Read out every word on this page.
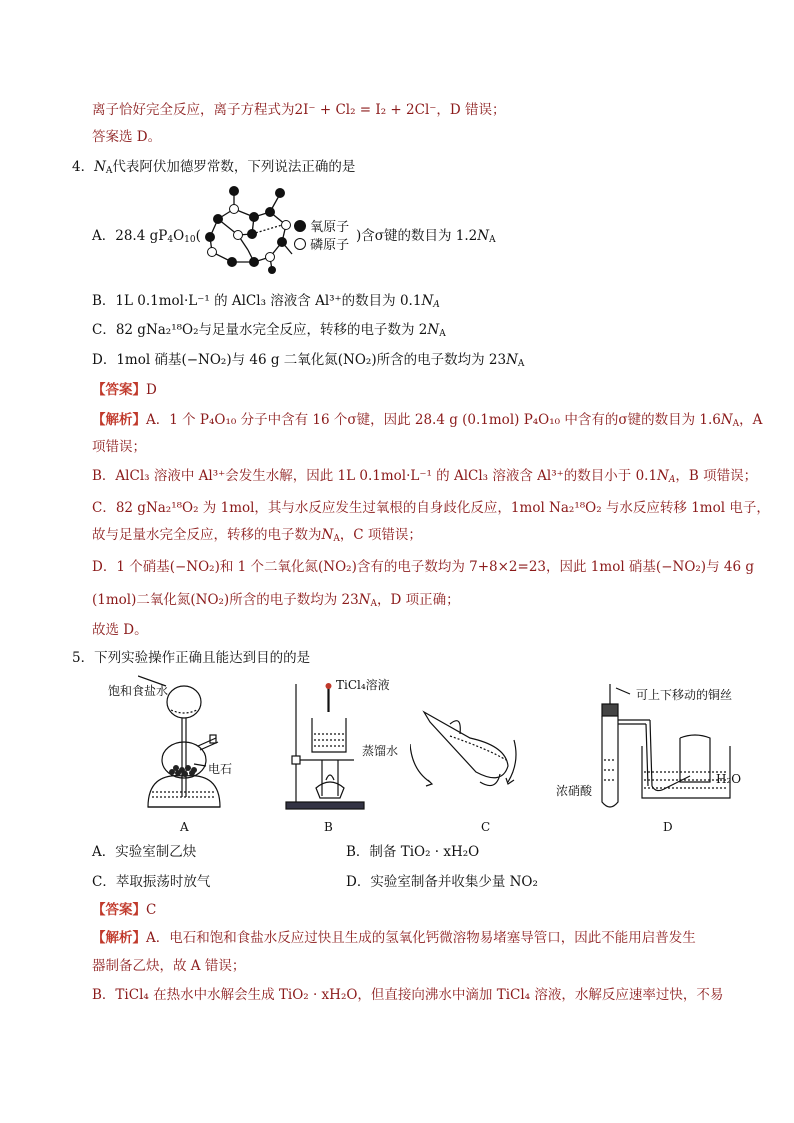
离子恰好完全反应，离子方程式为2I⁻ + Cl₂ = I₂ + 2Cl⁻，D 错误；
答案选 D。
4．$N_A$代表阿伏加德罗常数，下列说法正确的是
A．28.4 $gP_4O_{10}$(
氧原子
磷原子
)含σ键的数目为 $1.2N_A$
B．1L 0.1mol·L⁻¹ 的 AlCl₃ 溶液含 Al³⁺的数目为 $0.1N_A$
C．82 gNa₂¹⁸O₂与足量水完全反应，转移的电子数为 $2N_A$
D．1mol 硝基(−NO₂)与 46 g 二氧化氮(NO₂)所含的电子数均为 $23N_A$
【答案】D
【解析】A．1 个 P₄O₁₀ 分子中含有 16 个σ键，因此 28.4 g (0.1mol) P₄O₁₀ 中含有的σ键的数目为 $1.6N_A$，A
项错误；
B．AlCl₃ 溶液中 Al³⁺会发生水解，因此 1L 0.1mol·L⁻¹ 的 AlCl₃ 溶液含 Al³⁺的数目小于 $0.1N_A$，B 项错误；
C．82 gNa₂¹⁸O₂ 为 1mol，其与水反应发生过氧根的自身歧化反应，1mol Na₂¹⁸O₂ 与水反应转移 1mol 电子，
故与足量水完全反应，转移的电子数为$N_A$，C 项错误；
D．1 个硝基(−NO₂)和 1 个二氧化氮(NO₂)含有的电子数均为 7+8×2=23，因此 1mol 硝基(−NO₂)与 46 g
(1mol)二氧化氮(NO₂)所含的电子数均为 $23N_A$，D 项正确；
故选 D。
5．下列实验操作正确且能达到目的的是
饱和食盐水
电石
TiCl₄溶液
蒸馏水
可上下移动的铜丝
浓硝酸
H₂O
A	B	C	D
A．实验室制乙炔	B．制备 TiO₂ · xH₂O
C．萃取振荡时放气	D．实验室制备并收集少量 NO₂
【答案】C
【解析】A．电石和饱和食盐水反应过快且生成的氢氧化钙微溶物易堵塞导管口，因此不能用启普发生
器制备乙炔，故 A 错误；
B．TiCl₄ 在热水中水解会生成 TiO₂ · xH₂O，但直接向沸水中滴加 TiCl₄ 溶液，水解反应速率过快，不易
